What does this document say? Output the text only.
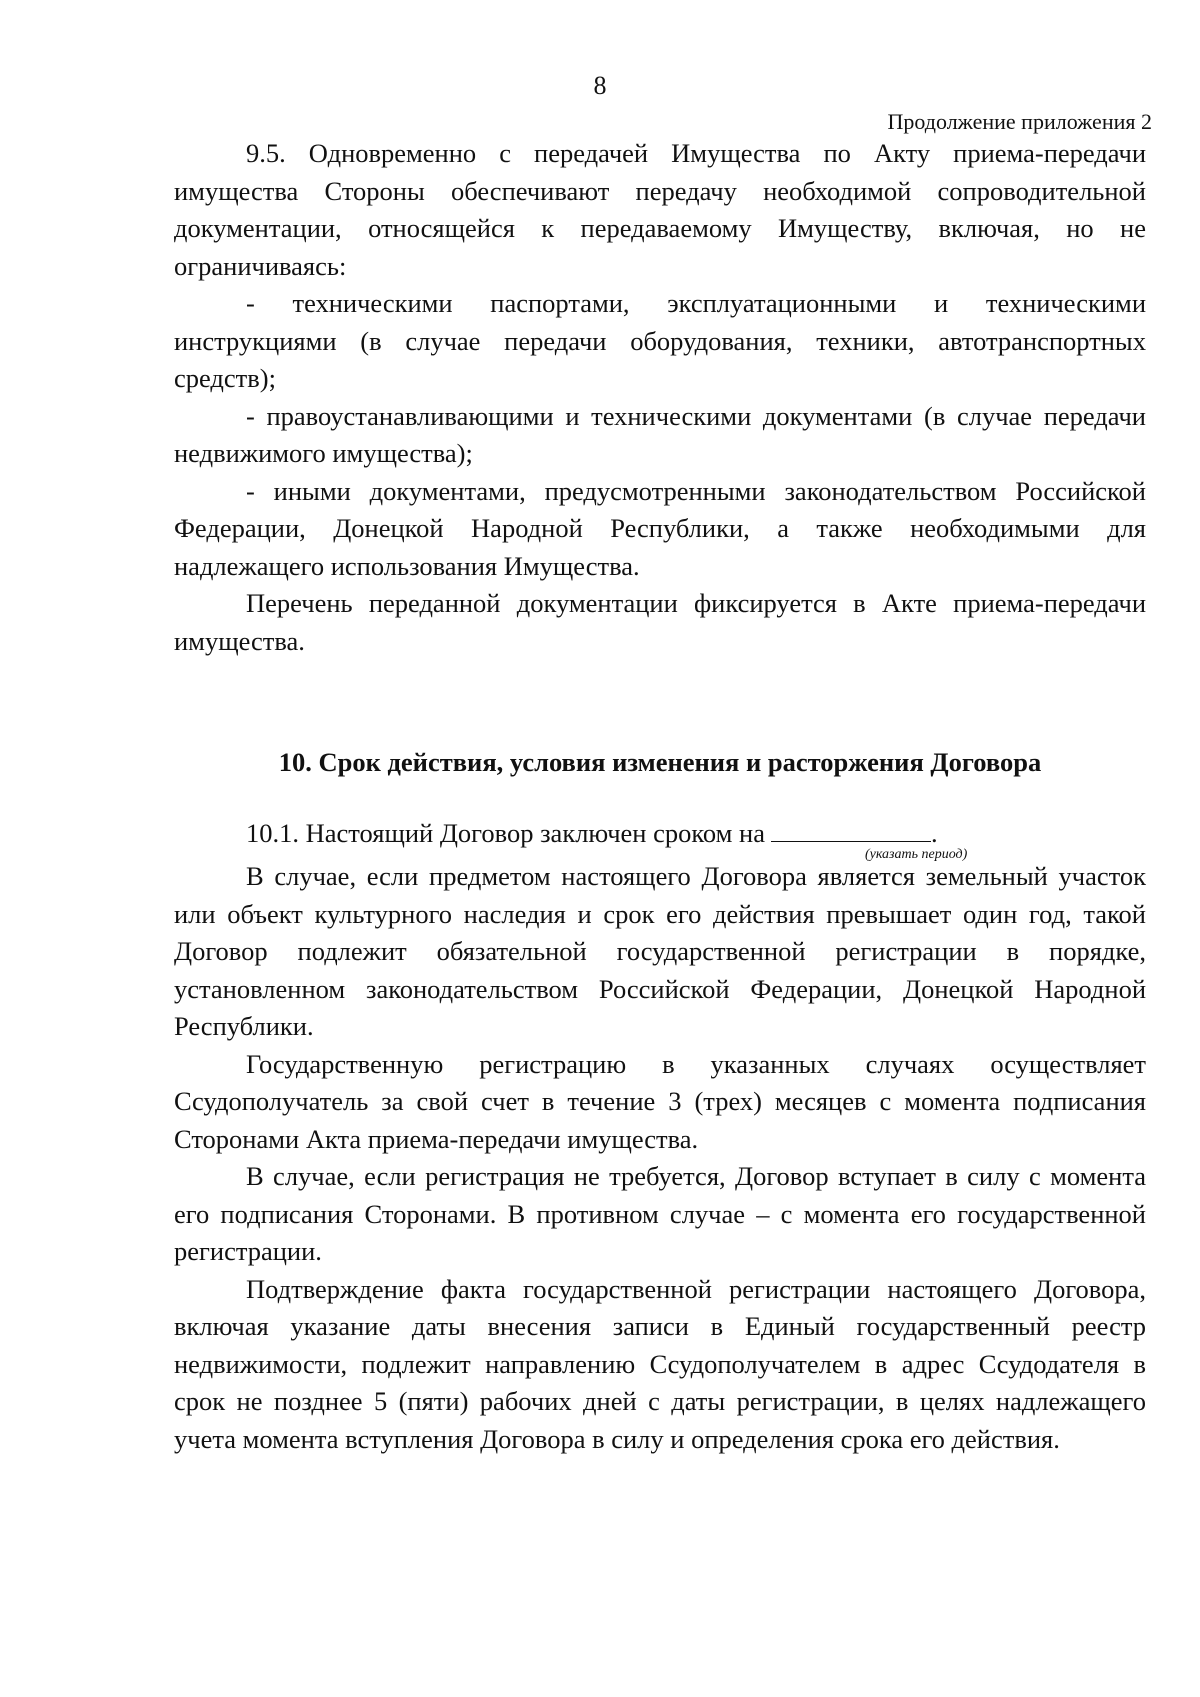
8
Продолжение приложения 2

9.5. Одновременно с передачей Имущества по Акту приема-передачи имущества Стороны обеспечивают передачу необходимой сопроводительной документации, относящейся к передаваемому Имуществу, включая, но не ограничиваясь:

- техническими паспортами, эксплуатационными и техническими инструкциями (в случае передачи оборудования, техники, автотранспортных средств);

- правоустанавливающими и техническими документами (в случае передачи недвижимого имущества);

- иными документами, предусмотренными законодательством Российской Федерации, Донецкой Народной Республики, а также необходимыми для надлежащего использования Имущества.

Перечень переданной документации фиксируется в Акте приема-передачи имущества.

10. Срок действия, условия изменения и расторжения Договора

10.1. Настоящий Договор заключен сроком на
(указать период)
.

В случае, если предметом настоящего Договора является земельный участок или объект культурного наследия и срок его действия превышает один год, такой Договор подлежит обязательной государственной регистрации в порядке, установленном законодательством Российской Федерации, Донецкой Народной Республики.

Государственную регистрацию в указанных случаях осуществляет Ссудополучатель за свой счет в течение 3 (трех) месяцев с момента подписания Сторонами Акта приема-передачи имущества.

В случае, если регистрация не требуется, Договор вступает в силу с момента его подписания Сторонами. В противном случае – с момента его государственной регистрации.

Подтверждение факта государственной регистрации настоящего Договора, включая указание даты внесения записи в Единый государственный реестр недвижимости, подлежит направлению Ссудополучателем в адрес Ссудодателя в срок не позднее 5 (пяти) рабочих дней с даты регистрации, в целях надлежащего учета момента вступления Договора в силу и определения срока его действия.
